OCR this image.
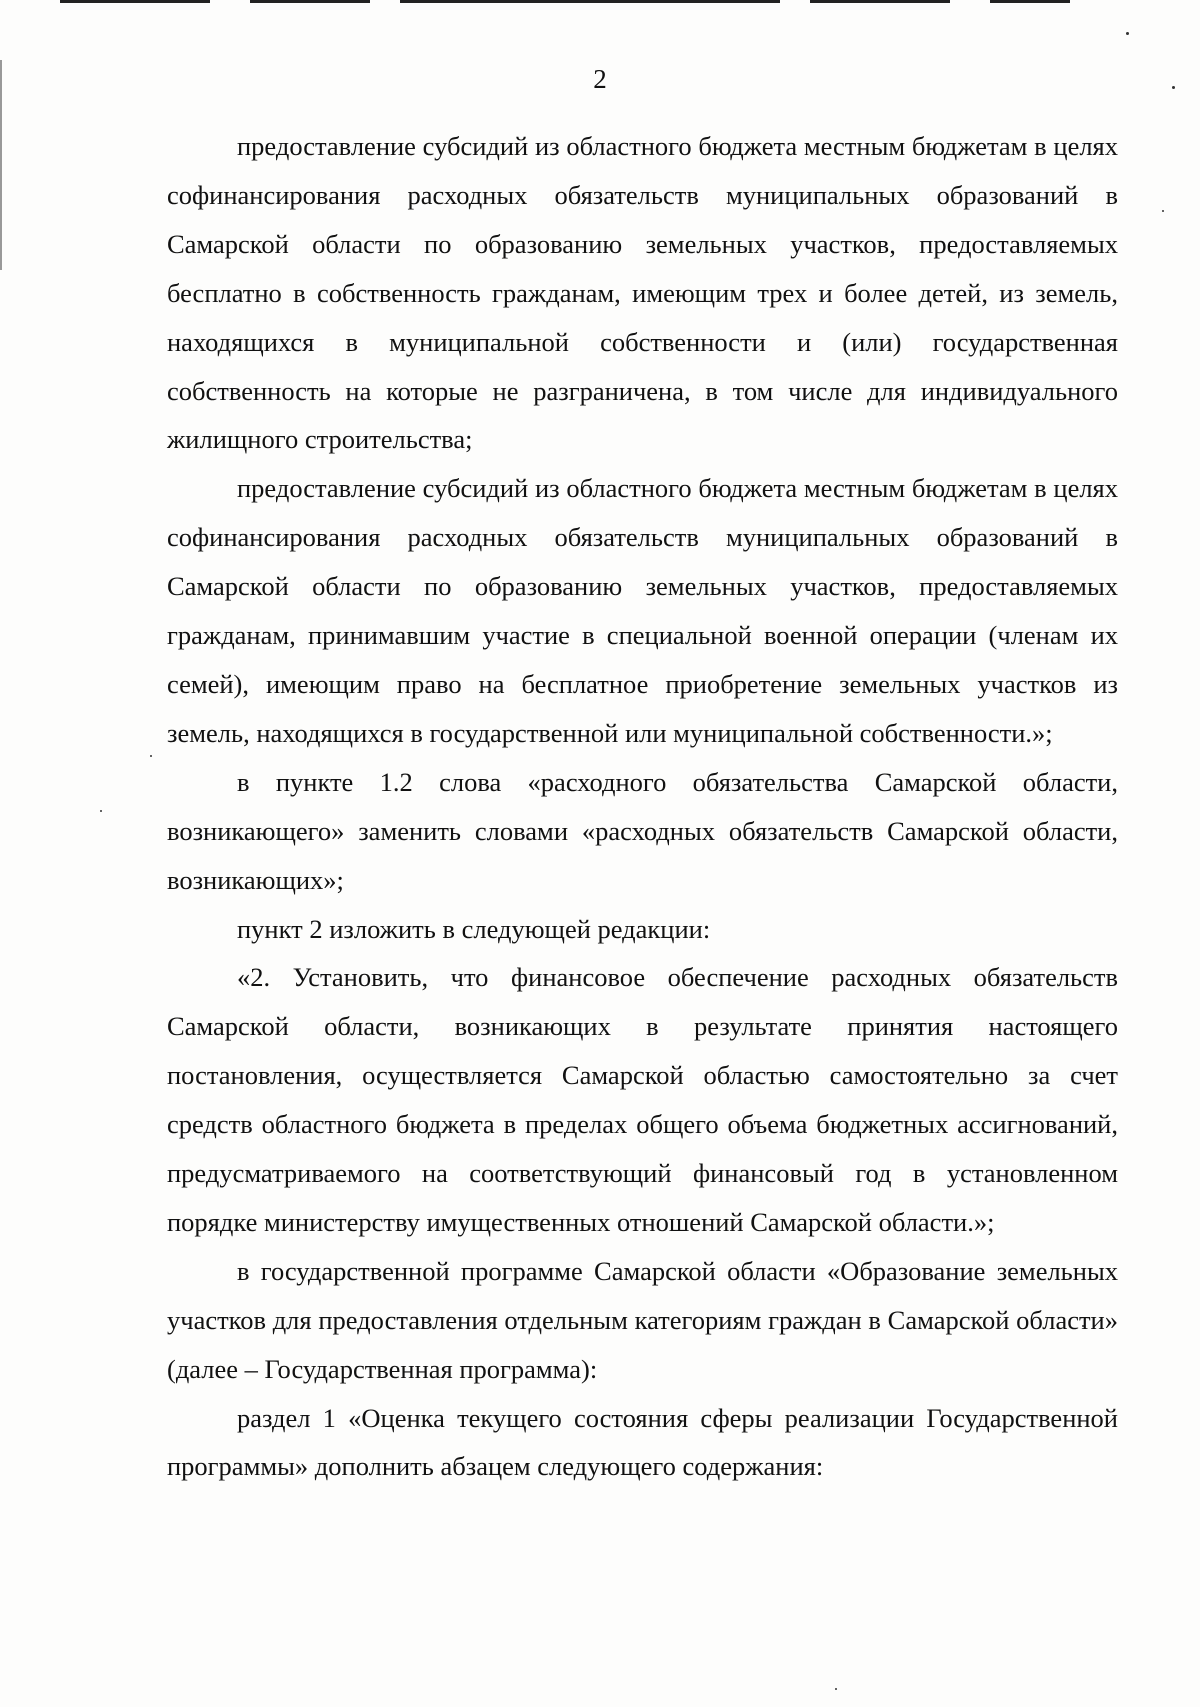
2

предоставление субсидий из областного бюджета местным бюджетам в целях софинансирования расходных обязательств муниципальных образований в Самарской области по образованию земельных участков, предоставляемых бесплатно в собственность гражданам, имеющим трех и более детей, из земель, находящихся в муниципальной собственности и (или) государственная собственность на которые не разграничена, в том числе для индивидуального жилищного строительства;

предоставление субсидий из областного бюджета местным бюджетам в целях софинансирования расходных обязательств муниципальных образований в Самарской области по образованию земельных участков, предоставляемых гражданам, принимавшим участие в специальной военной операции (членам их семей), имеющим право на бесплатное приобретение земельных участков из земель, находящихся в государственной или муниципальной собственности.»;

в пункте 1.2 слова «расходного обязательства Самарской области, возникающего» заменить словами «расходных обязательств Самарской области, возникающих»;

пункт 2 изложить в следующей редакции:

«2. Установить, что финансовое обеспечение расходных обязательств Самарской области, возникающих в результате принятия настоящего постановления, осуществляется Самарской областью самостоятельно за счет средств областного бюджета в пределах общего объема бюджетных ассигнований, предусматриваемого на соответствующий финансовый год в установленном порядке министерству имущественных отношений Самарской области.»;

в государственной программе Самарской области «Образование земельных участков для предоставления отдельным категориям граждан в Самарской области» (далее – Государственная программа):

раздел 1 «Оценка текущего состояния сферы реализации Государственной программы» дополнить абзацем следующего содержания:
